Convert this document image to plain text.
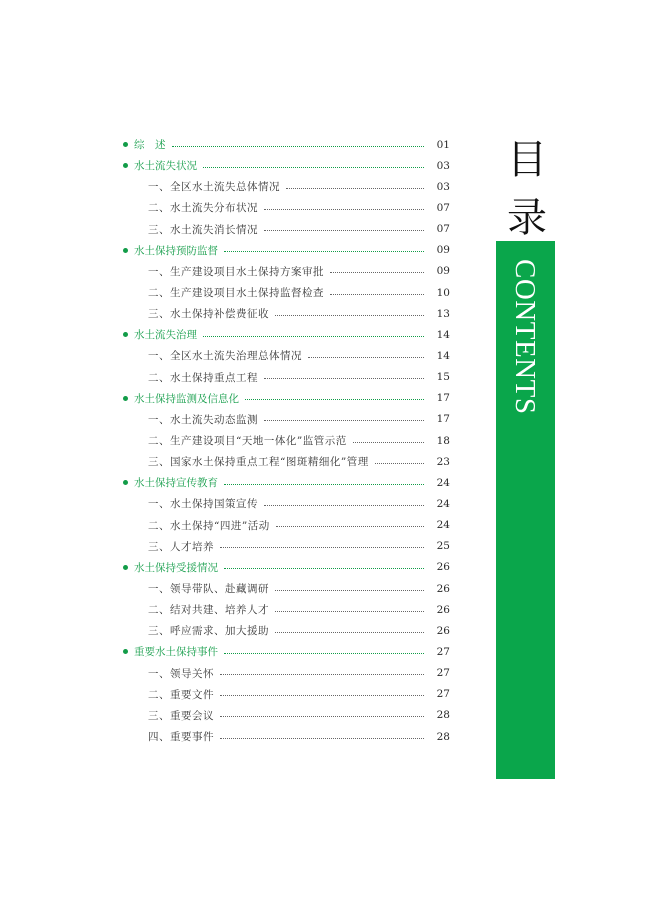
综　述	01
水土流失状况	03
一、全区水土流失总体情况	03
二、水土流失分布状况	07
三、水土流失消长情况	07
水土保持预防监督	09
一、生产建设项目水土保持方案审批	09
二、生产建设项目水土保持监督检查	10
三、水土保持补偿费征收	13
水土流失治理	14
一、全区水土流失治理总体情况	14
二、水土保持重点工程	15
水土保持监测及信息化	17
一、水土流失动态监测	17
二、生产建设项目“天地一体化”监管示范	18
三、国家水土保持重点工程“图斑精细化”管理	23
水土保持宣传教育	24
一、水土保持国策宣传	24
二、水土保持“四进”活动	24
三、人才培养	25
水土保持受援情况	26
一、领导带队、赴藏调研	26
二、结对共建、培养人才	26
三、呼应需求、加大援助	26
重要水土保持事件	27
一、领导关怀	27
二、重要文件	27
三、重要会议	28
四、重要事件	28
目
录
CONTENTS
